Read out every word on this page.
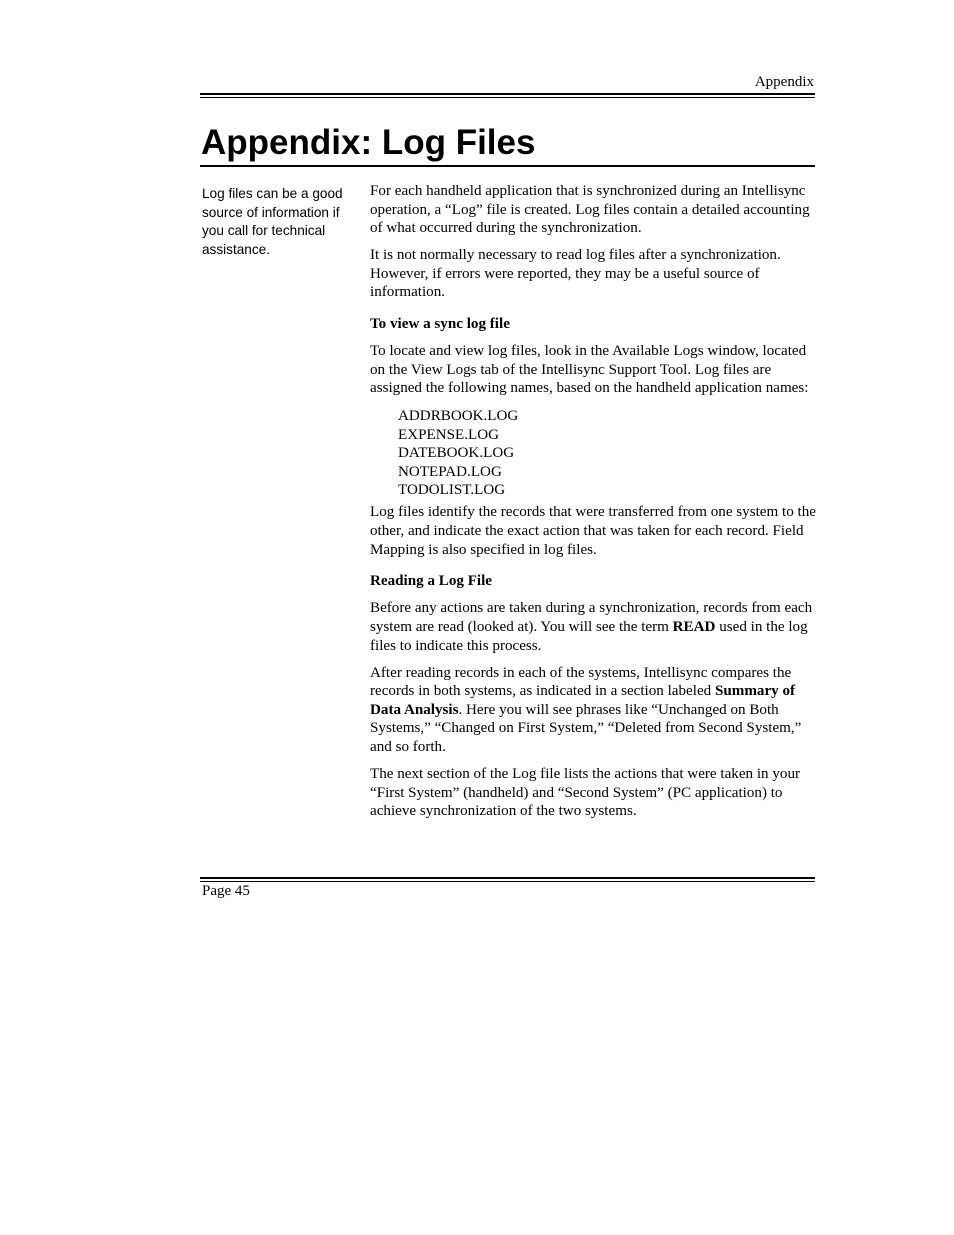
Appendix
Appendix: Log Files
Log files can be a good source of information if you call for technical assistance.

For each handheld application that is synchronized during an Intellisync operation, a “Log” file is created. Log files contain a detailed accounting of what occurred during the synchronization.

It is not normally necessary to read log files after a synchronization. However, if errors were reported, they may be a useful source of information.

To view a sync log file

To locate and view log files, look in the Available Logs window, located on the View Logs tab of the Intellisync Support Tool. Log files are assigned the following names, based on the handheld application names:

ADDRBOOK.LOG
EXPENSE.LOG
DATEBOOK.LOG
NOTEPAD.LOG
TODOLIST.LOG

Log files identify the records that were transferred from one system to the other, and indicate the exact action that was taken for each record. Field Mapping is also specified in log files.

Reading a Log File

Before any actions are taken during a synchronization, records from each system are read (looked at). You will see the term READ used in the log files to indicate this process.

After reading records in each of the systems, Intellisync compares the records in both systems, as indicated in a section labeled Summary of Data Analysis. Here you will see phrases like “Unchanged on Both Systems,” “Changed on First System,” “Deleted from Second System,” and so forth.

The next section of the Log file lists the actions that were taken in your “First System” (handheld) and “Second System” (PC application) to achieve synchronization of the two systems.

Page 45
